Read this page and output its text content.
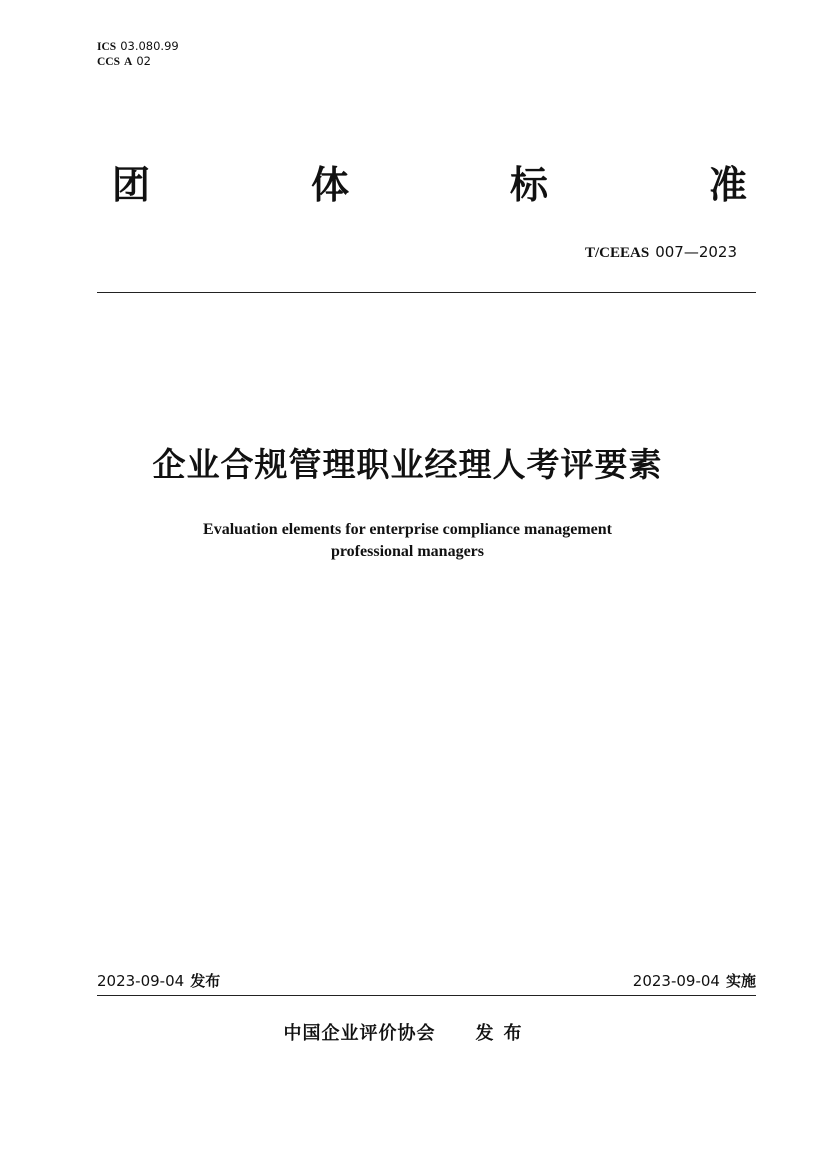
ICS 03.080.99
CCS A 02
团	体	标	准
T/CEEAS 007—2023
企业合规管理职业经理人考评要素
Evaluation elements for enterprise compliance management
professional managers
2023-09-04 发布	2023-09-04 实施
中国企业评价协会 发布
